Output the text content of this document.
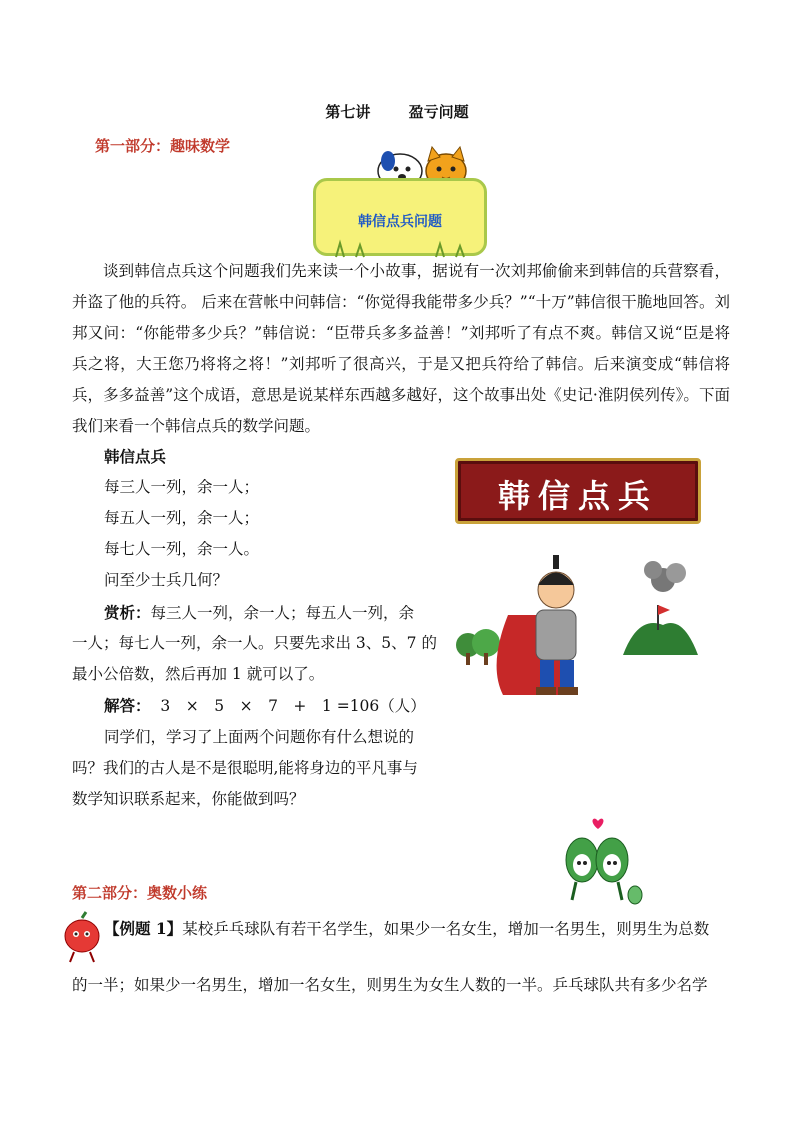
第七讲　 盈亏问题
第一部分：趣味数学
韩信点兵问题
谈到韩信点兵这个问题我们先来读一个小故事，据说有一次刘邦偷偷来到韩信的兵营察看，并盗了他的兵符。 后来在营帐中问韩信：“你觉得我能带多少兵？”“十万”韩信很干脆地回答。刘邦又问：“你能带多少兵？”韩信说：“臣带兵多多益善！”刘邦听了有点不爽。韩信又说“臣是将兵之将，大王您乃将将之将！”刘邦听了很高兴，于是又把兵符给了韩信。后来演变成“韩信将兵，多多益善”这个成语，意思是说某样东西越多越好，这个故事出处《史记·淮阴侯列传》。下面我们来看一个韩信点兵的数学问题。
韩信点兵
每三人一列，余一人；
每五人一列，余一人；
每七人一列，余一人。
问至少士兵几何？
赏析：每三人一列，余一人；每五人一列，余
一人；每七人一列，余一人。只要先求出 3、5、7 的
最小公倍数，然后再加 1 就可以了。
解答： 3　×　5　×　7　+　1 =106（人）
同学们，学习了上面两个问题你有什么想说的
吗？我们的古人是不是很聪明,能将身边的平凡事与
数学知识联系起来，你能做到吗？
韩信点兵
第二部分：奥数小练
【例题 1】某校乒乓球队有若干名学生，如果少一名女生，增加一名男生，则男生为总数
的一半；如果少一名男生，增加一名女生，则男生为女生人数的一半。乒乓球队共有多少名学
